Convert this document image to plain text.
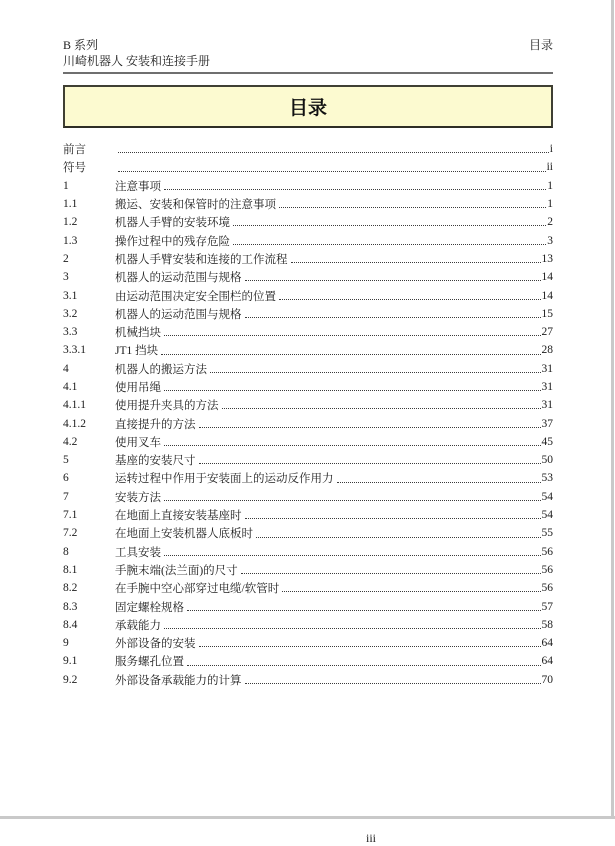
B 系列
川崎机器人 安装和连接手册
目录
目录
前言	i
符号	ii
1	注意事项	1
1.1	搬运、安装和保管时的注意事项	1
1.2	机器人手臂的安装环境	2
1.3	操作过程中的残存危险	3
2	机器人手臂安装和连接的工作流程	13
3	机器人的运动范围与规格	14
3.1	由运动范围决定安全围栏的位置	14
3.2	机器人的运动范围与规格	15
3.3	机械挡块	27
3.3.1	JT1 挡块	28
4	机器人的搬运方法	31
4.1	使用吊绳	31
4.1.1	使用提升夹具的方法	31
4.1.2	直接提升的方法	37
4.2	使用叉车	45
5	基座的安装尺寸	50
6	运转过程中作用于安装面上的运动反作用力	53
7	安装方法	54
7.1	在地面上直接安装基座时	54
7.2	在地面上安装机器人底板时	55
8	工具安装	56
8.1	手腕末端(法兰面)的尺寸	56
8.2	在手腕中空心部穿过电缆/软管时	56
8.3	固定螺栓规格	57
8.4	承载能力	58
9	外部设备的安装	64
9.1	服务螺孔位置	64
9.2	外部设备承载能力的计算	70
iii
